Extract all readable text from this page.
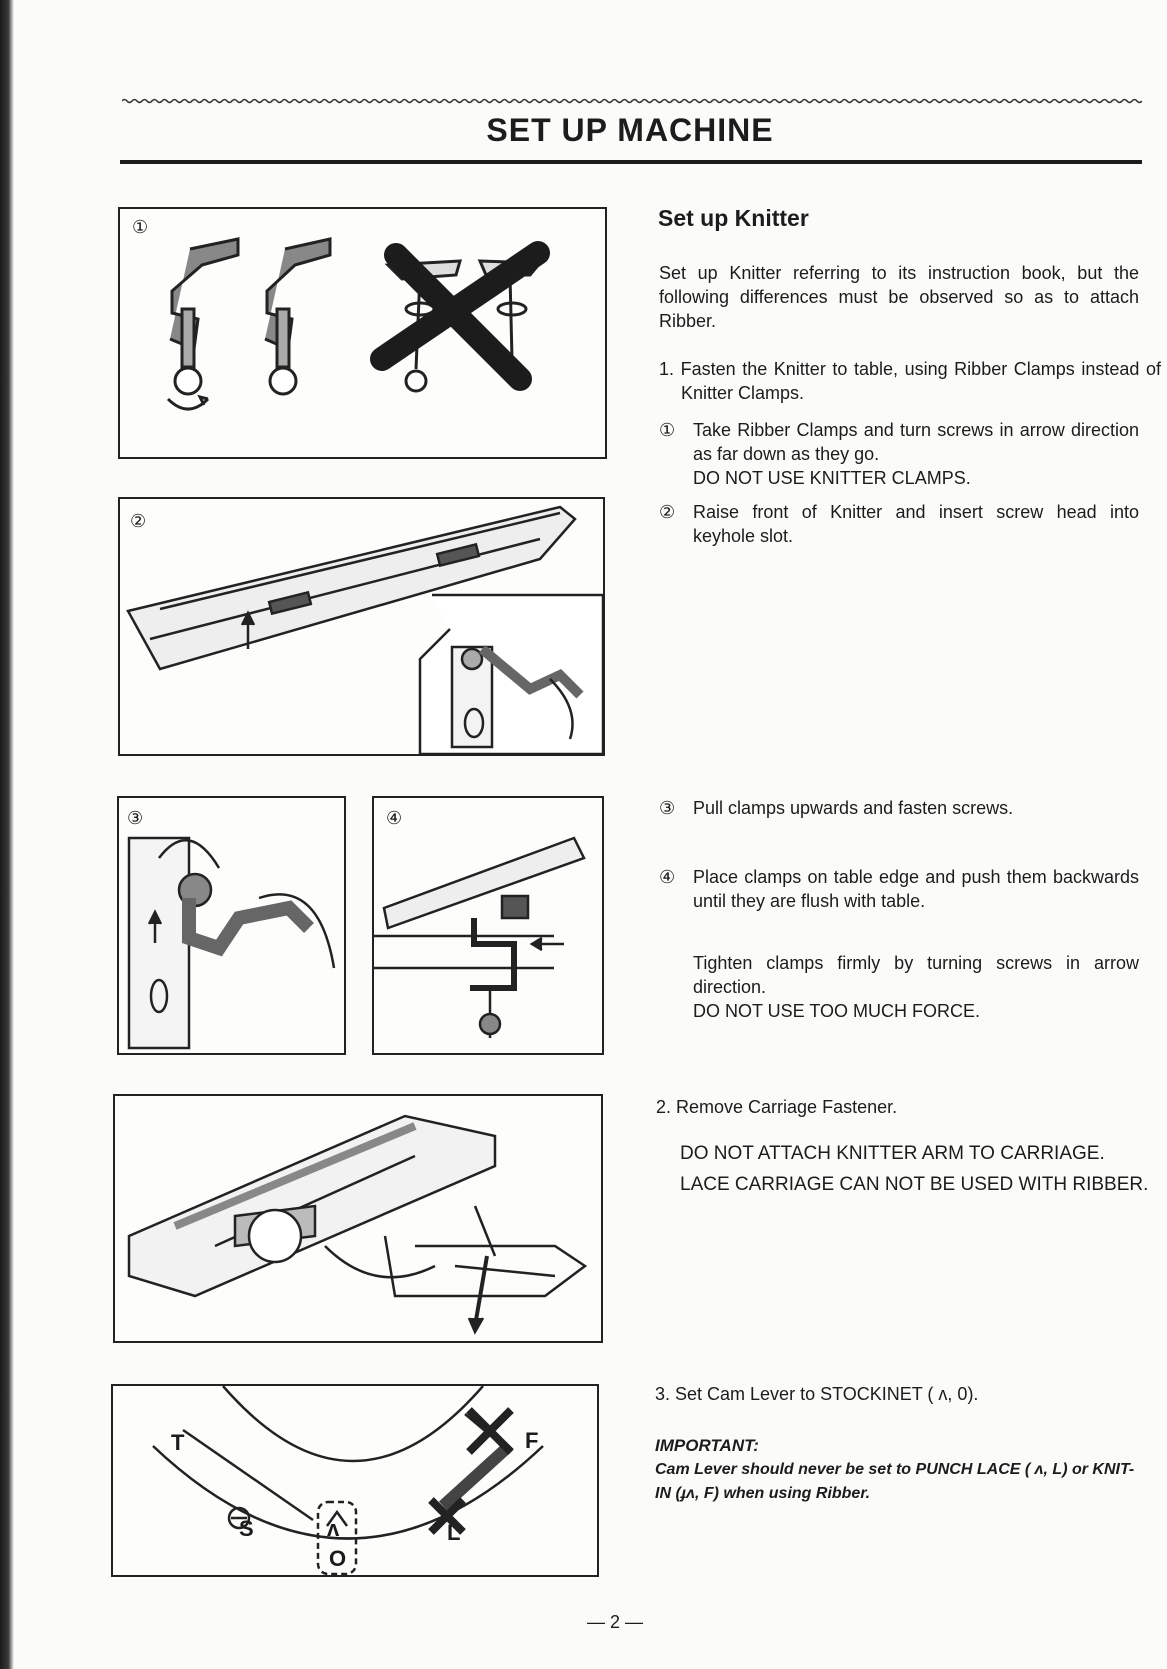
SET UP MACHINE
①
②
③	④
T
S
F
L
ʌ
O
Set up Knitter
Set up Knitter referring to its instruction book, but the following differences must be observed so as to attach Ribber.
1. Fasten the Knitter to table, using Ribber Clamps instead of Knitter Clamps.
① Take Ribber Clamps and turn screws in arrow direction as far down as they go.
DO NOT USE KNITTER CLAMPS.
② Raise front of Knitter and insert screw head into keyhole slot.
③ Pull clamps upwards and fasten screws.
④ Place clamps on table edge and push them backwards until they are flush with table.
Tighten clamps firmly by turning screws in arrow direction.
DO NOT USE TOO MUCH FORCE.
2. Remove Carriage Fastener.
DO NOT ATTACH KNITTER ARM TO CARRIAGE.
LACE CARRIAGE CAN NOT BE USED WITH RIBBER.
3. Set Cam Lever to STOCKINET ( ʌ, 0).
IMPORTANT:
Cam Lever should never be set to PUNCH LACE ( ʌ, L) or KNIT-IN (ɟʌ, F) when using Ribber.
— 2 —
